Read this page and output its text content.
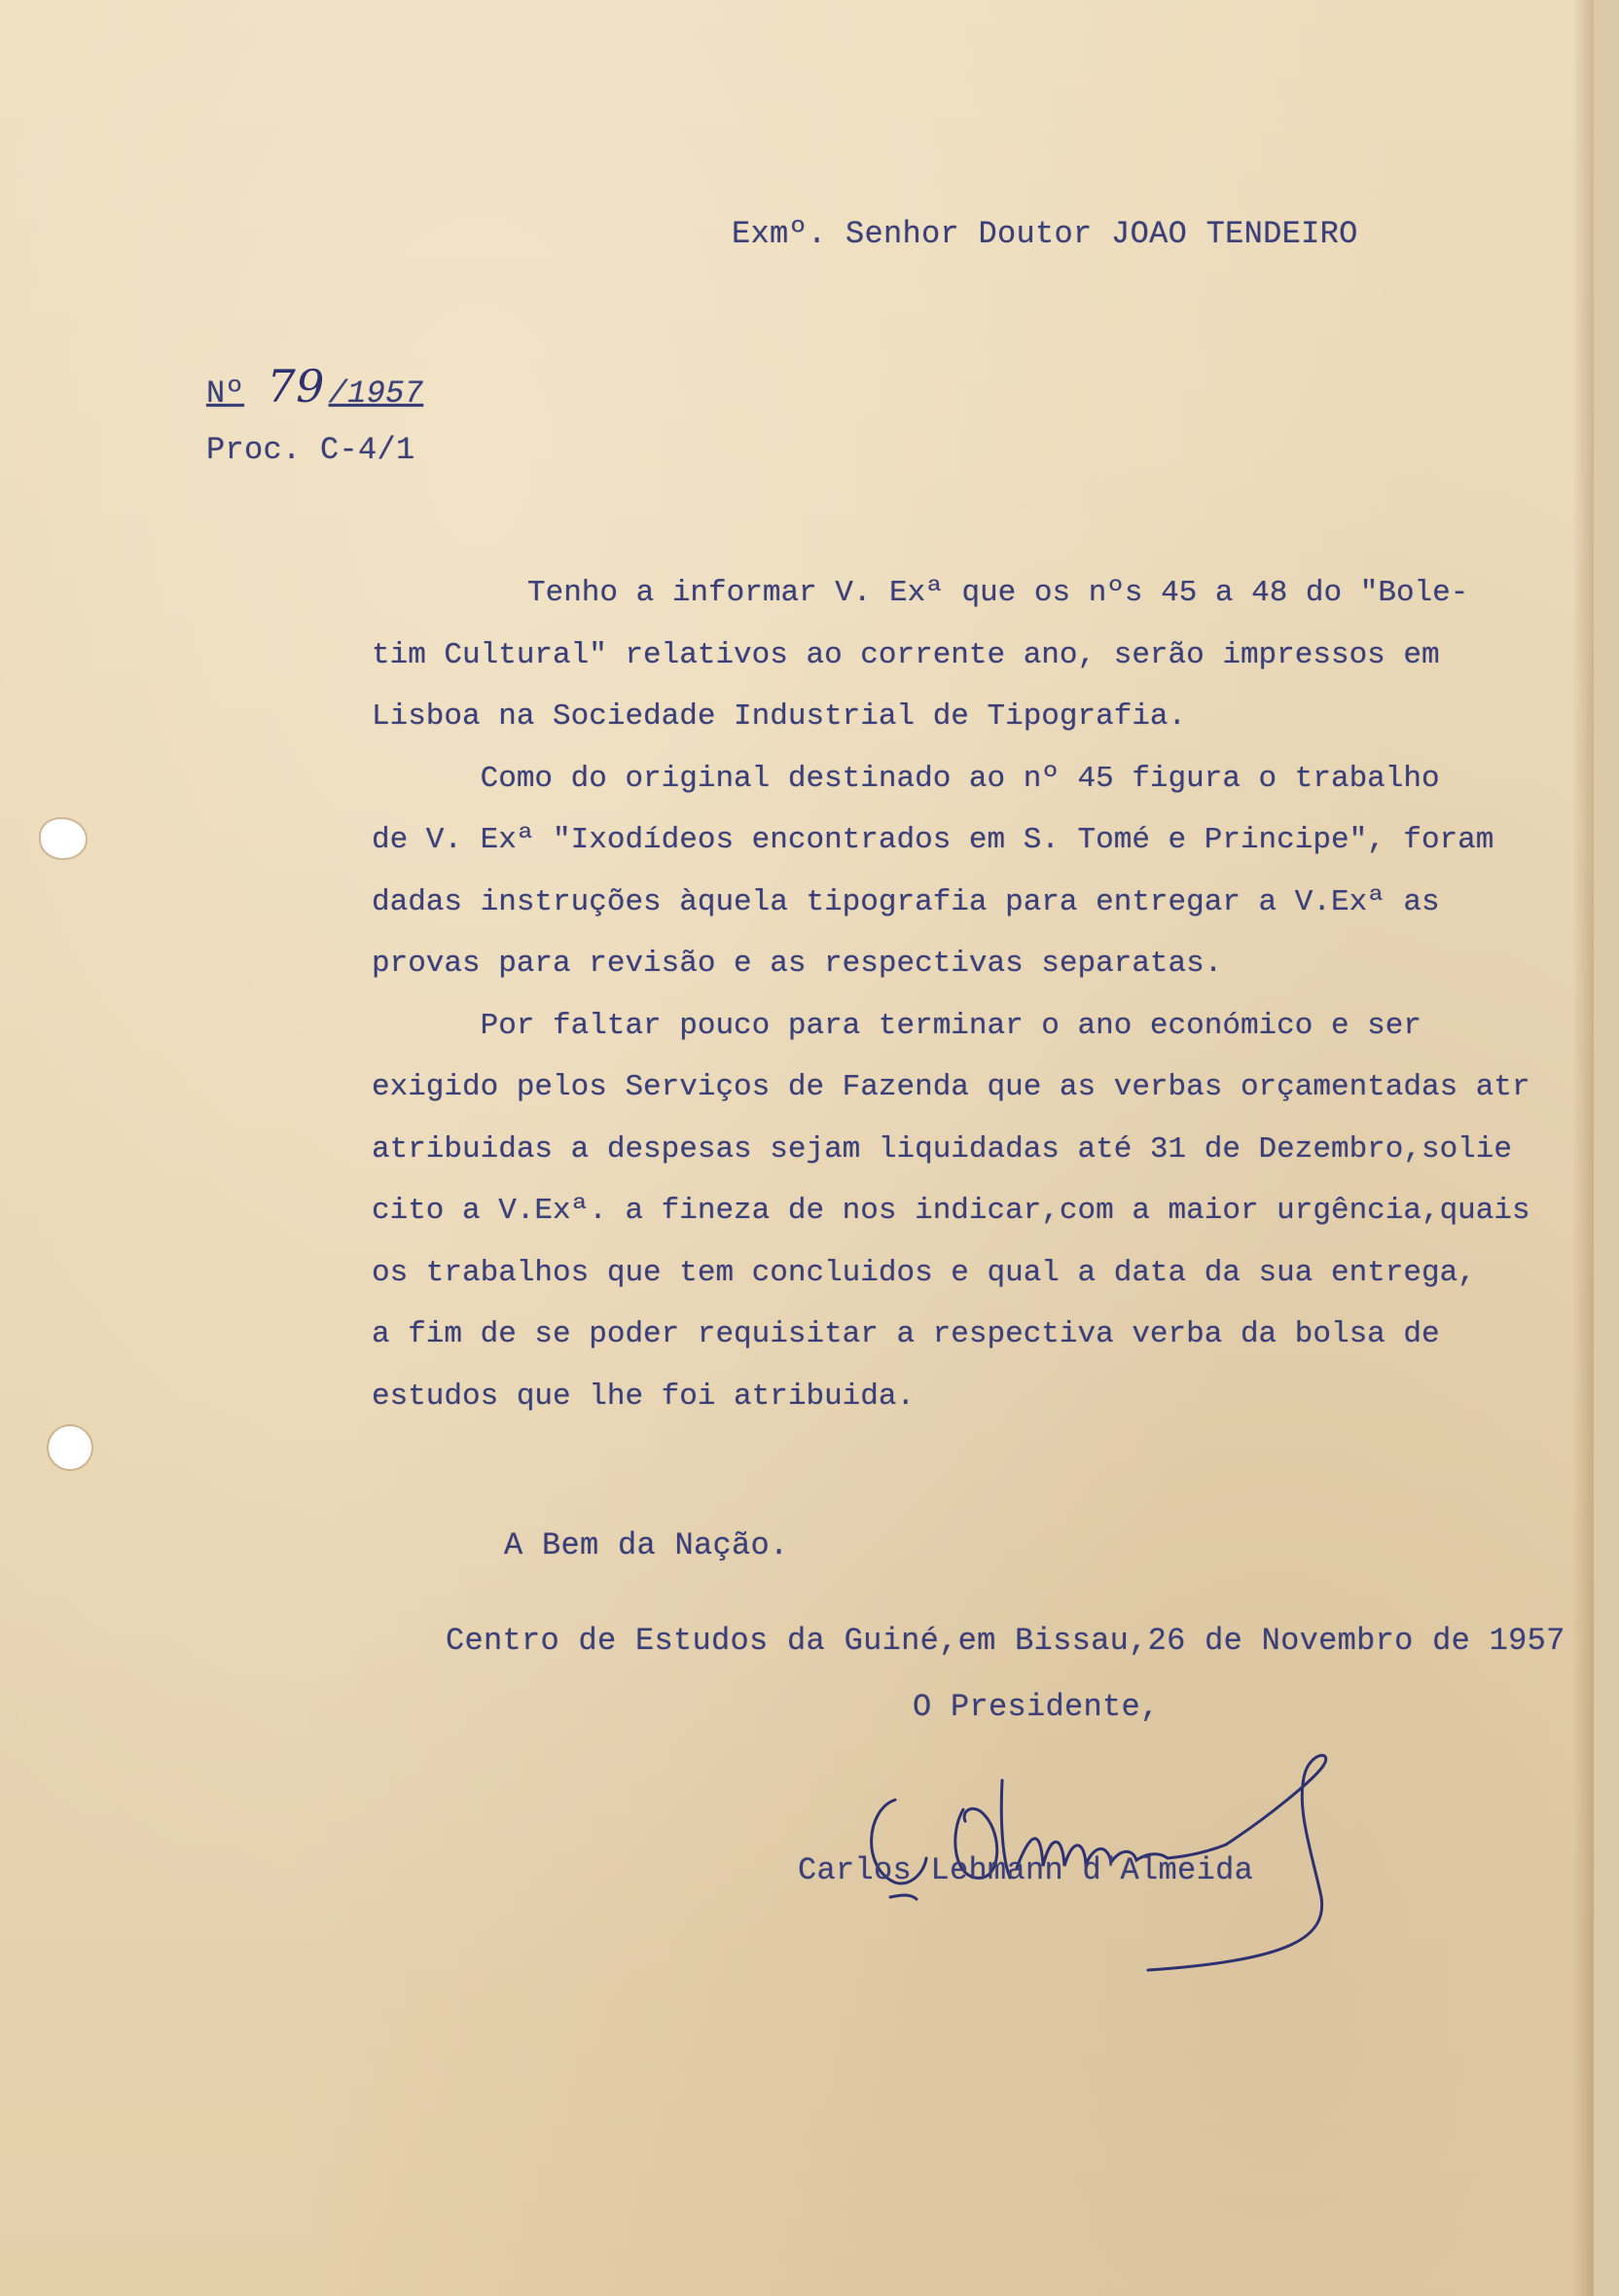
Exmº. Senhor Doutor JOAO TENDEIRO
Nº 79 /1957
Proc. C-4/1
Tenho a informar V. Exª que os nºs 45 a 48 do "Bole-
tim Cultural" relativos ao corrente ano, serão impressos em
Lisboa na Sociedade Industrial de Tipografia.
Como do original destinado ao nº 45 figura o trabalho
de V. Exª "Ixodídeos encontrados em S. Tomé e Principe", foram
dadas instruções àquela tipografia para entregar a V.Exª as
provas para revisão e as respectivas separatas.
Por faltar pouco para terminar o ano económico e ser
exigido pelos Serviços de Fazenda que as verbas orçamentadas atr
atribuidas a despesas sejam liquidadas até 31 de Dezembro,solie
cito a V.Exª. a fineza de nos indicar,com a maior urgência,quais
os trabalhos que tem concluidos e qual a data da sua entrega,
a fim de se poder requisitar a respectiva verba da bolsa de
estudos que lhe foi atribuida.
A Bem da Nação.
Centro de Estudos da Guiné,em Bissau,26 de Novembro de 1957
O Presidente,
Carlos Lehmann d'Almeida
